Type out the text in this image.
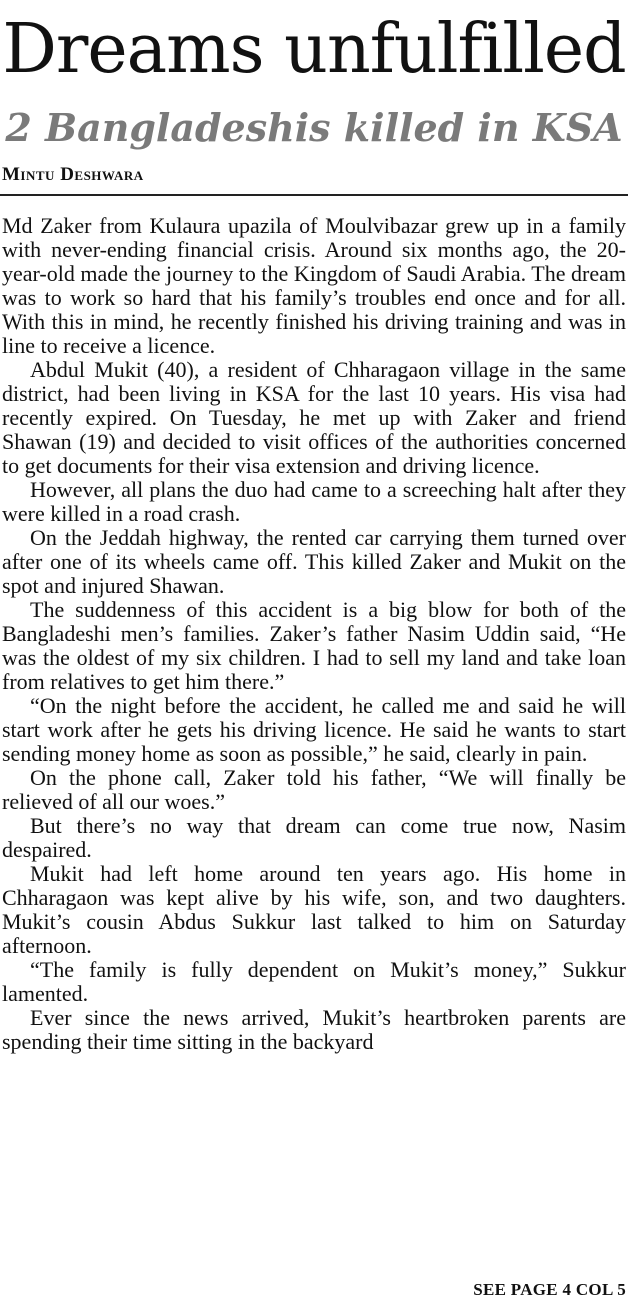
Dreams unfulfilled
2 Bangladeshis killed in KSA
Mintu Deshwara

Md Zaker from Kulaura upazila of Moulvibazar grew up in a family with never-ending financial crisis. Around six months ago, the 20-year-old made the journey to the Kingdom of Saudi Arabia. The dream was to work so hard that his family’s troubles end once and for all. With this in mind, he recently finished his driving training and was in line to receive a licence.

Abdul Mukit (40), a resident of Chharagaon village in the same district, had been living in KSA for the last 10 years. His visa had recently expired. On Tuesday, he met up with Zaker and friend Shawan (19) and decided to visit offices of the authorities concerned to get documents for their visa extension and driving licence.

However, all plans the duo had came to a screeching halt after they were killed in a road crash.

On the Jeddah highway, the rented car carrying them turned over after one of its wheels came off. This killed Zaker and Mukit on the spot and injured Shawan.

The suddenness of this accident is a big blow for both of the Bangladeshi men’s families. Zaker’s father Nasim Uddin said, “He was the oldest of my six children. I had to sell my land and take loan from relatives to get him there.”

“On the night before the accident, he called me and said he will start work after he gets his driving licence. He said he wants to start sending money home as soon as possible,” he said, clearly in pain.

On the phone call, Zaker told his father, “We will finally be relieved of all our woes.”

But there’s no way that dream can come true now, Nasim despaired.

Mukit had left home around ten years ago. His home in Chharagaon was kept alive by his wife, son, and two daughters. Mukit’s cousin Abdus Sukkur last talked to him on Saturday afternoon.

“The family is fully dependent on Mukit’s money,” Sukkur lamented.

Ever since the news arrived, Mukit’s heartbroken parents are spending their time sitting in the backyard

SEE PAGE 4 COL 5
